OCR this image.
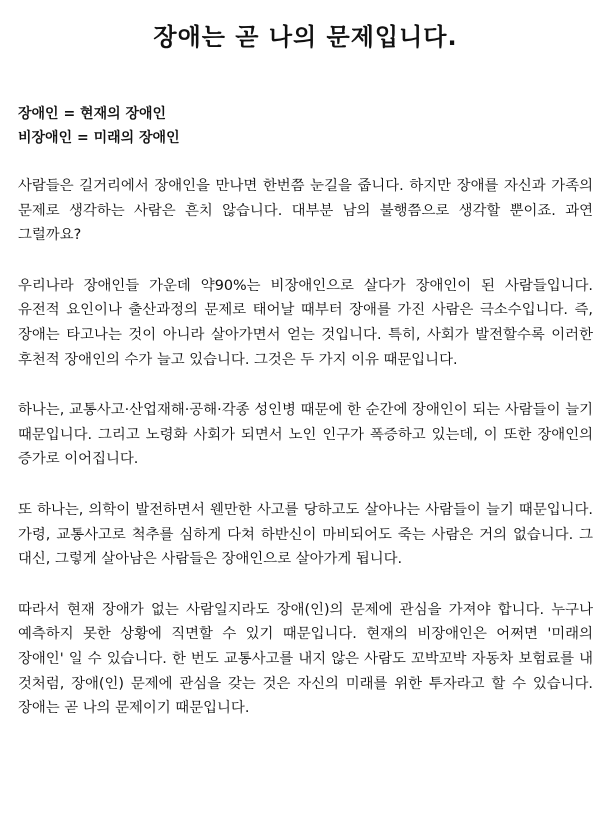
장애는 곧 나의 문제입니다.
장애인 = 현재의 장애인
비장애인 = 미래의 장애인

사람들은 길거리에서 장애인을 만나면 한번쯤 눈길을 줍니다. 하지만 장애를 자신과 가족의 문제로 생각하는 사람은 흔치 않습니다. 대부분 남의 불행쯤으로 생각할 뿐이죠. 과연 그럴까요?

우리나라 장애인들 가운데 약90%는 비장애인으로 살다가 장애인이 된 사람들입니다. 유전적 요인이나 출산과정의 문제로 태어날 때부터 장애를 가진 사람은 극소수입니다. 즉, 장애는 타고나는 것이 아니라 살아가면서 얻는 것입니다. 특히, 사회가 발전할수록 이러한 후천적 장애인의 수가 늘고 있습니다. 그것은 두 가지 이유 때문입니다.

하나는, 교통사고·산업재해·공해·각종 성인병 때문에 한 순간에 장애인이 되는 사람들이 늘기 때문입니다. 그리고 노령화 사회가 되면서 노인 인구가 폭증하고 있는데, 이 또한 장애인의 증가로 이어집니다.

또 하나는, 의학이 발전하면서 웬만한 사고를 당하고도 살아나는 사람들이 늘기 때문입니다. 가령, 교통사고로 척추를 심하게 다쳐 하반신이 마비되어도 죽는 사람은 거의 없습니다. 그 대신, 그렇게 살아남은 사람들은 장애인으로 살아가게 됩니다.

따라서 현재 장애가 없는 사람일지라도 장애(인)의 문제에 관심을 가져야 합니다. 누구나 예측하지 못한 상황에 직면할 수 있기 때문입니다. 현재의 비장애인은 어쩌면 '미래의 장애인' 일 수 있습니다. 한 번도 교통사고를 내지 않은 사람도 꼬박꼬박 자동차 보험료를 내 것처럼, 장애(인) 문제에 관심을 갖는 것은 자신의 미래를 위한 투자라고 할 수 있습니다. 장애는 곧 나의 문제이기 때문입니다.
